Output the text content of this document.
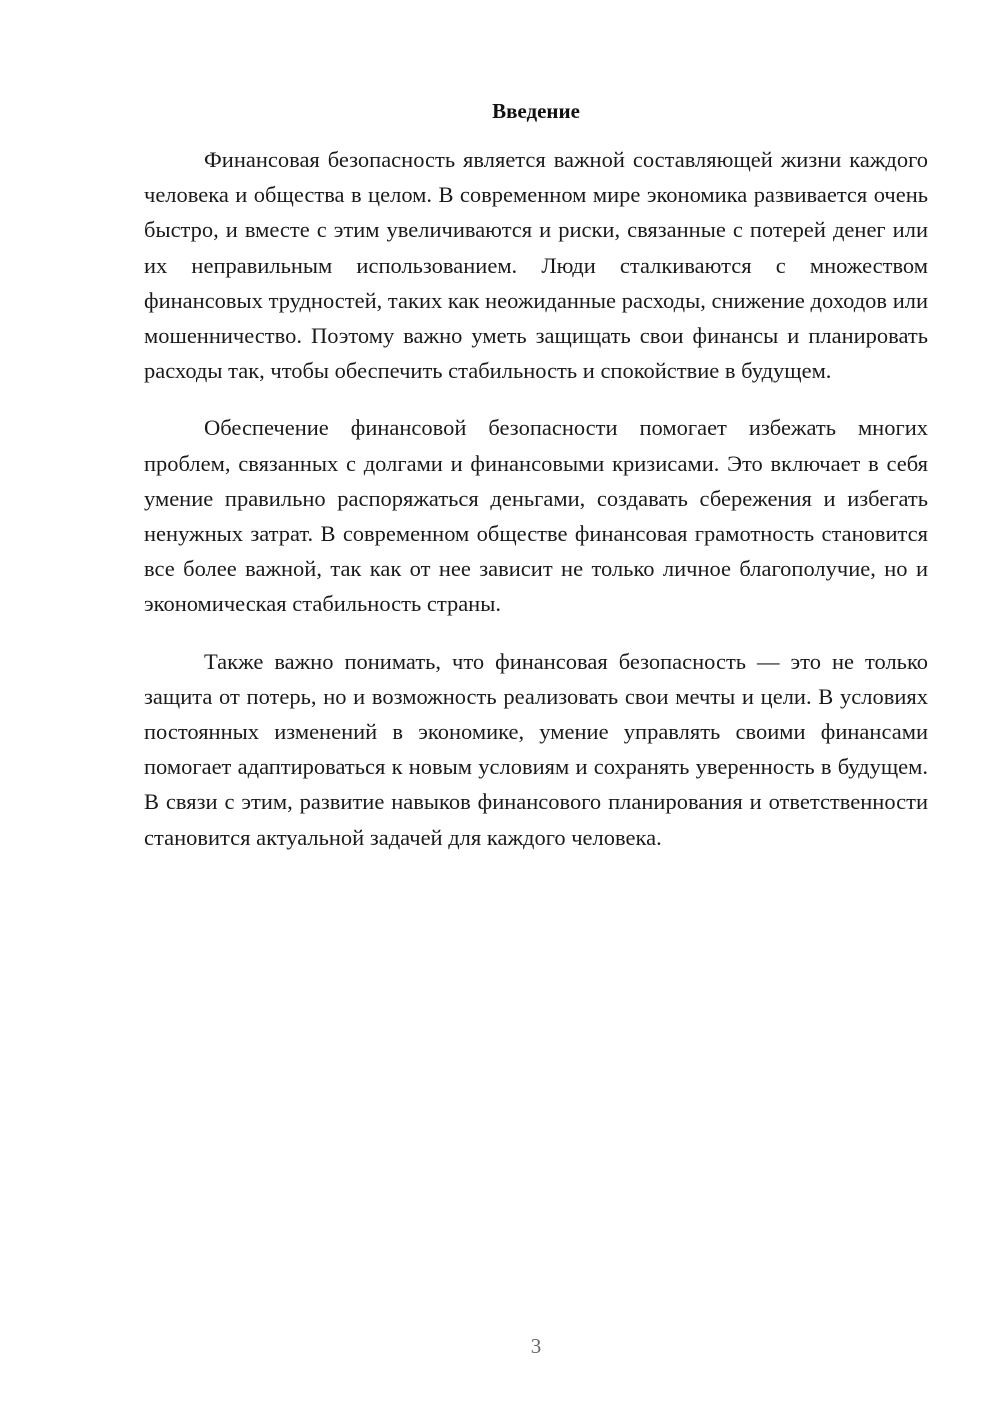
Введение

Финансовая безопасность является важной составляющей жизни каждого человека и общества в целом. В современном мире экономика развивается очень быстро, и вместе с этим увеличиваются и риски, связанные с потерей денег или их неправильным использованием. Люди сталкиваются с множеством финансовых трудностей, таких как неожиданные расходы, снижение доходов или мошенничество. Поэтому важно уметь защищать свои финансы и планировать расходы так, чтобы обеспечить стабильность и спокойствие в будущем.

Обеспечение финансовой безопасности помогает избежать многих проблем, связанных с долгами и финансовыми кризисами. Это включает в себя умение правильно распоряжаться деньгами, создавать сбережения и избегать ненужных затрат. В современном обществе финансовая грамотность становится все более важной, так как от нее зависит не только личное благополучие, но и экономическая стабильность страны.

Также важно понимать, что финансовая безопасность — это не только защита от потерь, но и возможность реализовать свои мечты и цели. В условиях постоянных изменений в экономике, умение управлять своими финансами помогает адаптироваться к новым условиям и сохранять уверенность в будущем. В связи с этим, развитие навыков финансового планирования и ответственности становится актуальной задачей для каждого человека.

3
